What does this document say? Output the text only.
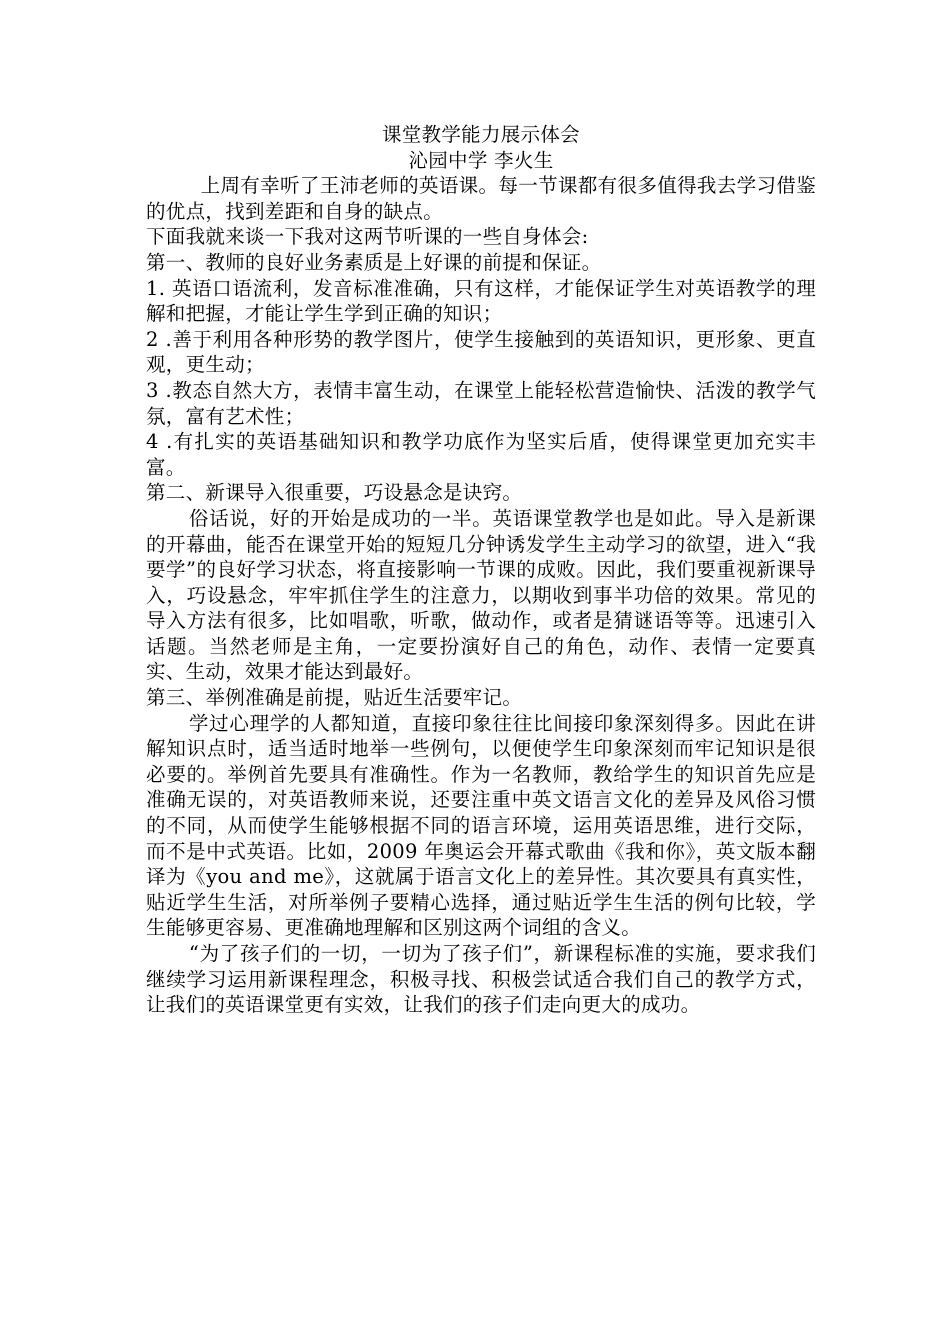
课堂教学能力展示体会

沁园中学 李火生

上周有幸听了王沛老师的英语课。每一节课都有很多值得我去学习借鉴的优点，找到差距和自身的缺点。

下面我就来谈一下我对这两节听课的一些自身体会:

第一、教师的良好业务素质是上好课的前提和保证。

1. 英语口语流利，发音标准准确，只有这样，才能保证学生对英语教学的理解和把握，才能让学生学到正确的知识；

2 .善于利用各种形势的教学图片，使学生接触到的英语知识，更形象、更直观，更生动；

3 .教态自然大方，表情丰富生动，在课堂上能轻松营造愉快、活泼的教学气氛，富有艺术性；

4 .有扎实的英语基础知识和教学功底作为坚实后盾，使得课堂更加充实丰富。

第二、新课导入很重要，巧设悬念是诀窍。

俗话说，好的开始是成功的一半。英语课堂教学也是如此。导入是新课的开幕曲，能否在课堂开始的短短几分钟诱发学生主动学习的欲望，进入“我要学”的良好学习状态，将直接影响一节课的成败。因此，我们要重视新课导入，巧设悬念，牢牢抓住学生的注意力，以期收到事半功倍的效果。常见的导入方法有很多，比如唱歌，听歌，做动作，或者是猜谜语等等。迅速引入话题。当然老师是主角，一定要扮演好自己的角色，动作、表情一定要真实、生动，效果才能达到最好。

第三、举例准确是前提，贴近生活要牢记。

学过心理学的人都知道，直接印象往往比间接印象深刻得多。因此在讲解知识点时，适当适时地举一些例句，以便使学生印象深刻而牢记知识是很必要的。举例首先要具有准确性。作为一名教师，教给学生的知识首先应是准确无误的，对英语教师来说，还要注重中英文语言文化的差异及风俗习惯的不同，从而使学生能够根据不同的语言环境，运用英语思维，进行交际，而不是中式英语。比如，2009 年奥运会开幕式歌曲《我和你》，英文版本翻译为《you and me》，这就属于语言文化上的差异性。其次要具有真实性，贴近学生生活，对所举例子要精心选择，通过贴近学生生活的例句比较，学生能够更容易、更准确地理解和区别这两个词组的含义。

“为了孩子们的一切，一切为了孩子们”，新课程标准的实施，要求我们继续学习运用新课程理念，积极寻找、积极尝试适合我们自己的教学方式，让我们的英语课堂更有实效，让我们的孩子们走向更大的成功。
